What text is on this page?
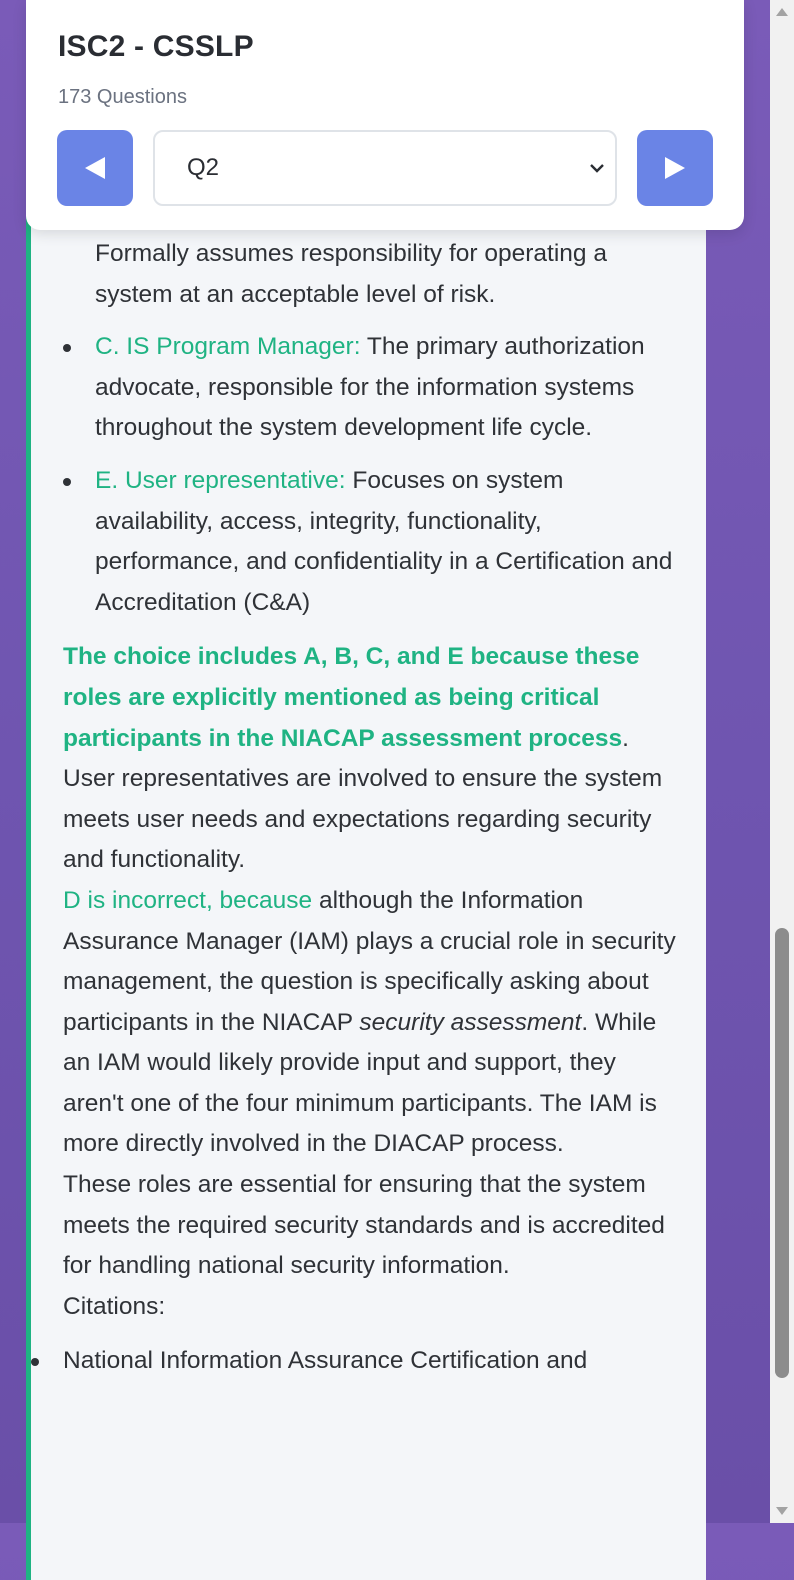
Formally assumes responsibility for operating a system at an acceptable level of risk.
C. IS Program Manager: The primary authorization advocate, responsible for the information systems throughout the system development life cycle.
E. User representative: Focuses on system availability, access, integrity, functionality, performance, and confidentiality in a Certification and Accreditation (C&A)
The choice includes A, B, C, and E because these roles are explicitly mentioned as being critical participants in the NIACAP assessment process. User representatives are involved to ensure the system meets user needs and expectations regarding security and functionality.
D is incorrect, because although the Information Assurance Manager (IAM) plays a crucial role in security management, the question is specifically asking about participants in the NIACAP security assessment. While an IAM would likely provide input and support, they aren't one of the four minimum participants. The IAM is more directly involved in the DIACAP process.
These roles are essential for ensuring that the system meets the required security standards and is accredited for handling national security information.
Citations:
National Information Assurance Certification and
ISC2 - CSSLP
173 Questions
Q2
